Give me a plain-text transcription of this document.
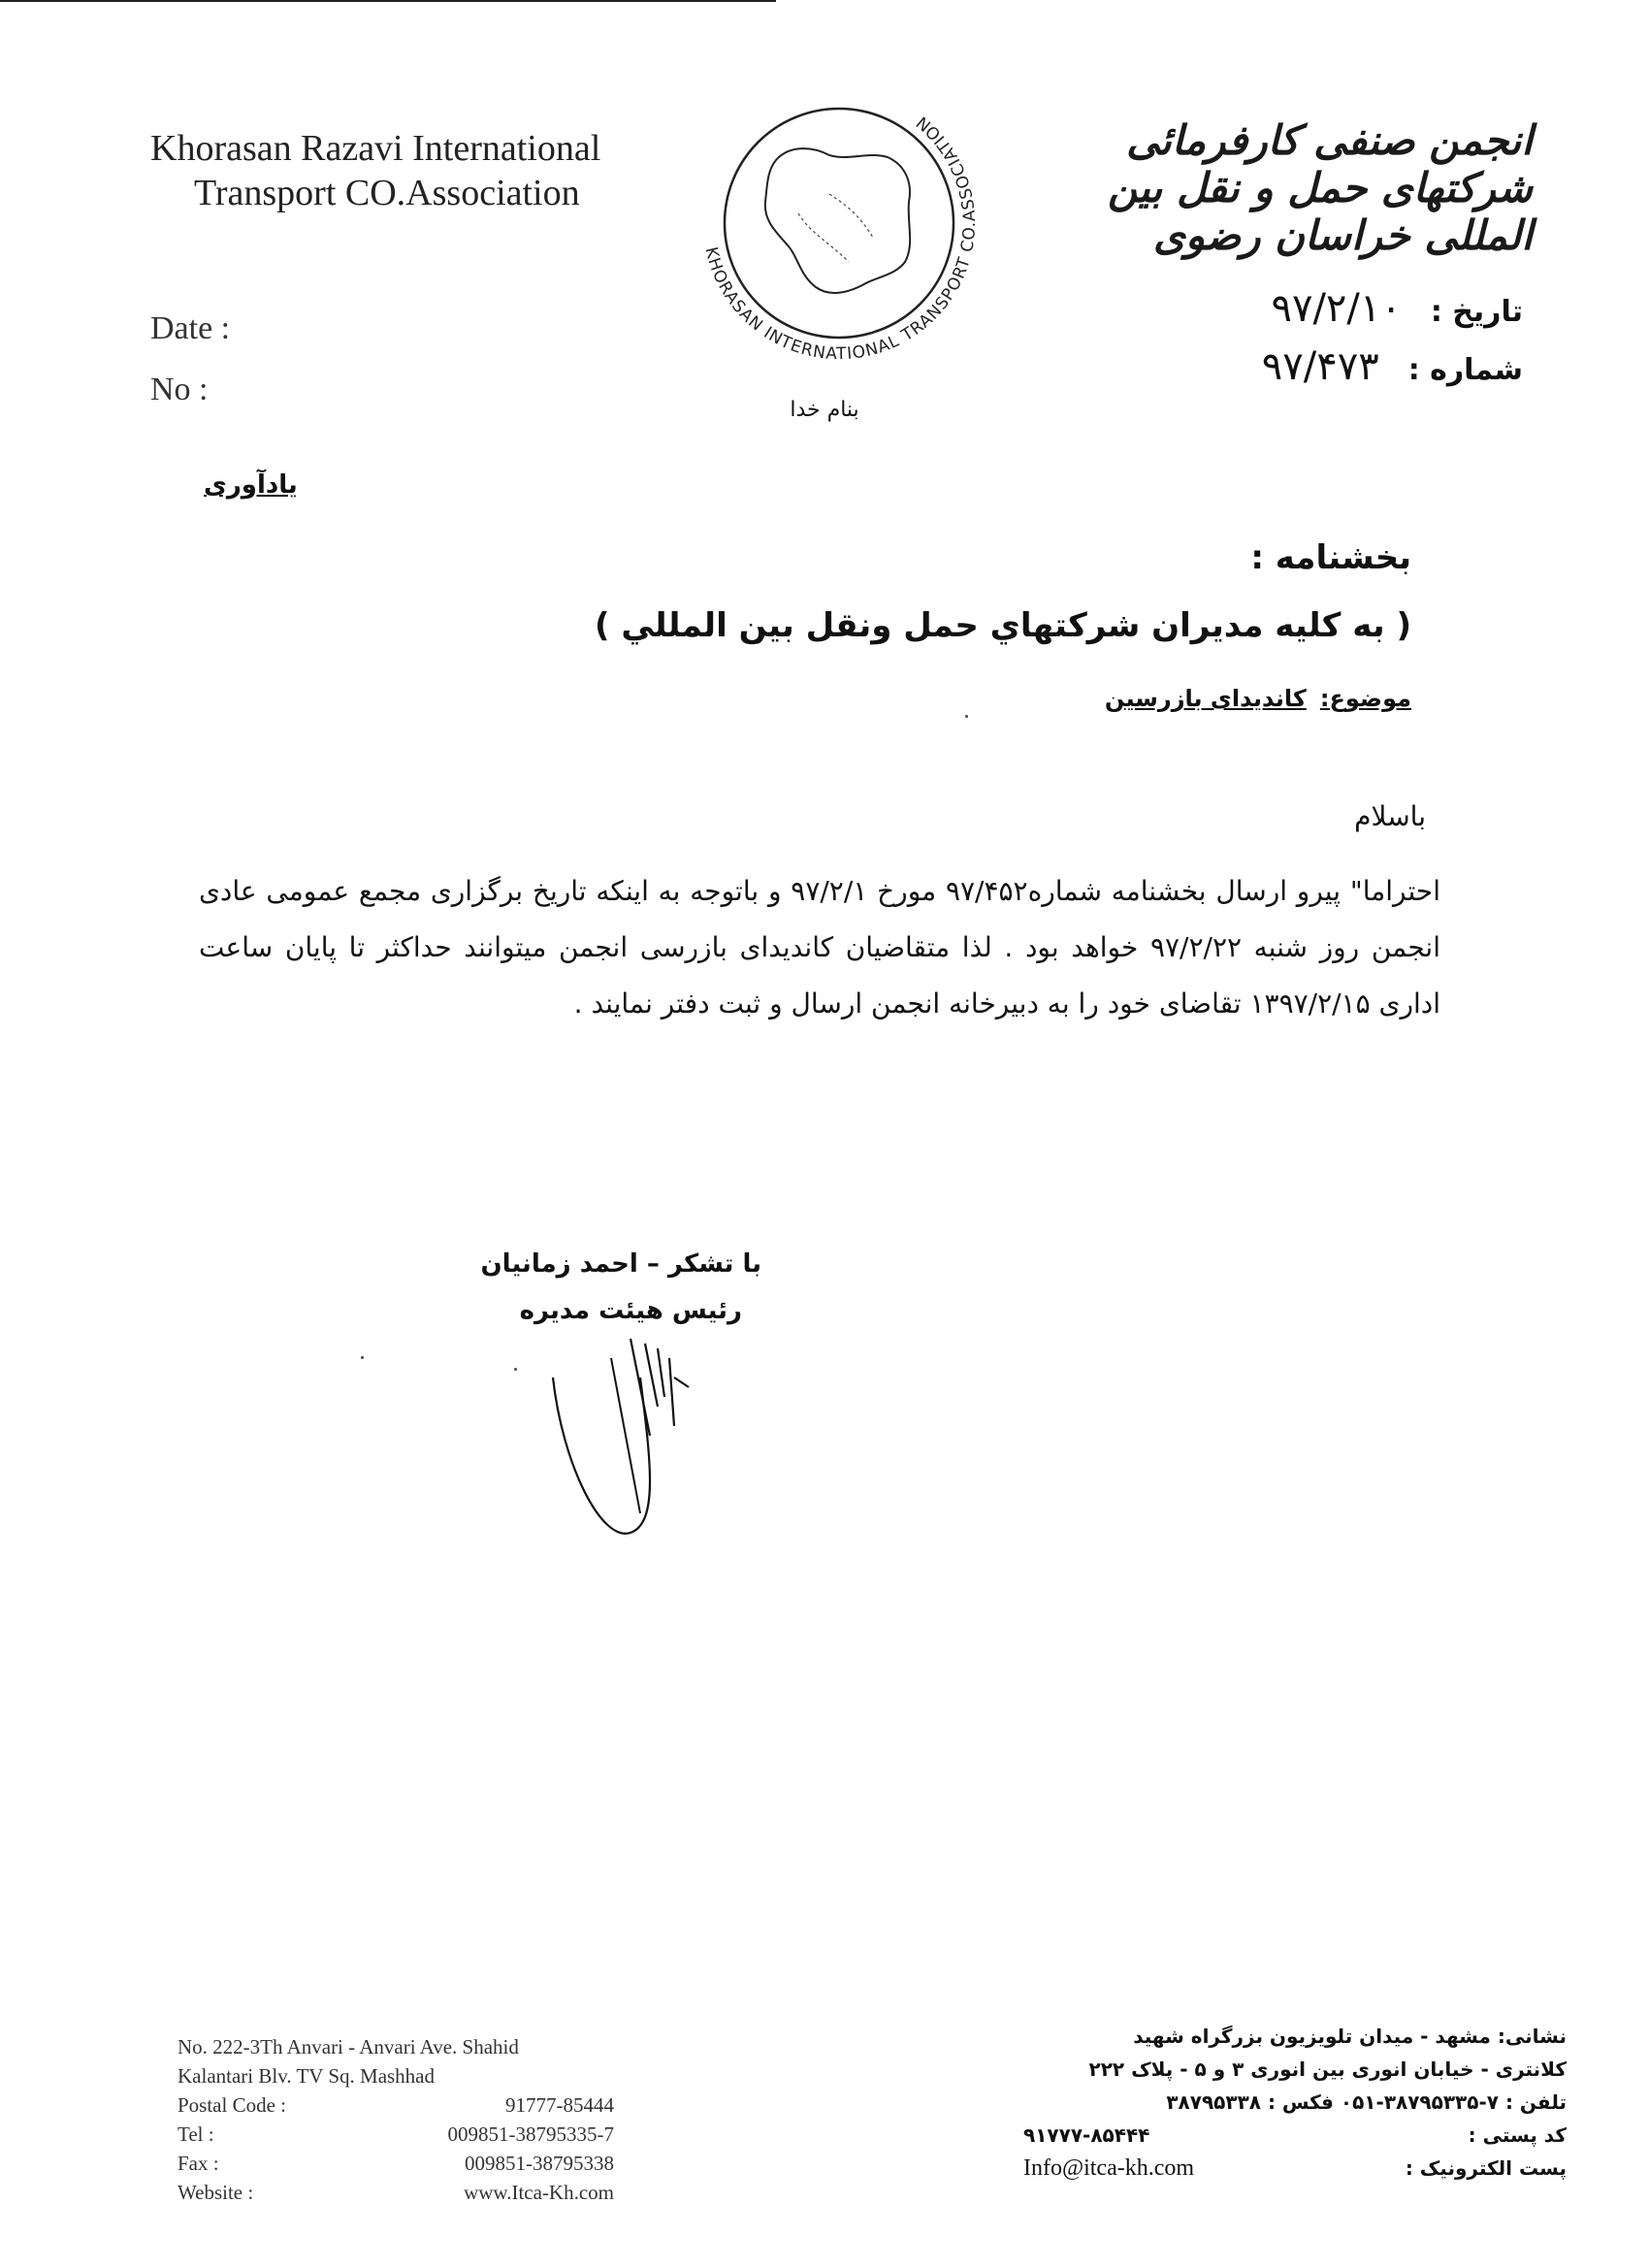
Khorasan Razavi International
Transport CO.Association
KHORASAN INTERNATIONAL TRANSPORT CO.ASSOCIATION	انجمن صنفی کارفرمائی شرکتهای حمل و نقل بین المللی خراسان رضوی
Date :
No :
تاریخ :
۹۷/۲/۱۰
شماره :
۹۷/۴۷۳
بنام خدا
یادآوری
بخشنامه :
( به كليه مديران شركتهاي حمل ونقل بين المللي )
موضوع:
کاندیدای بازرسین
باسلام
احتراما" پیرو ارسال بخشنامه شماره۹۷/۴۵۲ مورخ ۹۷/۲/۱ و باتوجه به اینکه تاریخ برگزاری مجمع عمومی عادی انجمن روز شنبه ۹۷/۲/۲۲ خواهد بود . لذا متقاضیان کاندیدای بازرسی انجمن میتوانند حداکثر تا پایان ساعت اداری ۱۳۹۷/۲/۱۵ تقاضای خود را به دبیرخانه انجمن ارسال و ثبت دفتر نمایند .
با تشکر – احمد زمانیان
رئیس هیئت مدیره
No. 222-3Th Anvari - Anvari Ave. Shahid
Kalantari Blv. TV Sq. Mashhad
Postal Code :	91777-85444
Tel :	009851-38795335-7
Fax :	009851-38795338
Website :	www.Itca-Kh.com
نشانی: مشهد - میدان تلویزیون بزرگراه شهید
کلانتری - خیابان انوری بین انوری ۳ و ۵ - پلاک ۲۲۲
تلفن : ۷-۳۸۷۹۵۳۳۵-۰۵۱ فکس : ۳۸۷۹۵۳۳۸
کد پستی :
۹۱۷۷۷-۸۵۴۴۴
پست الکترونیک :
Info@itca-kh.com
